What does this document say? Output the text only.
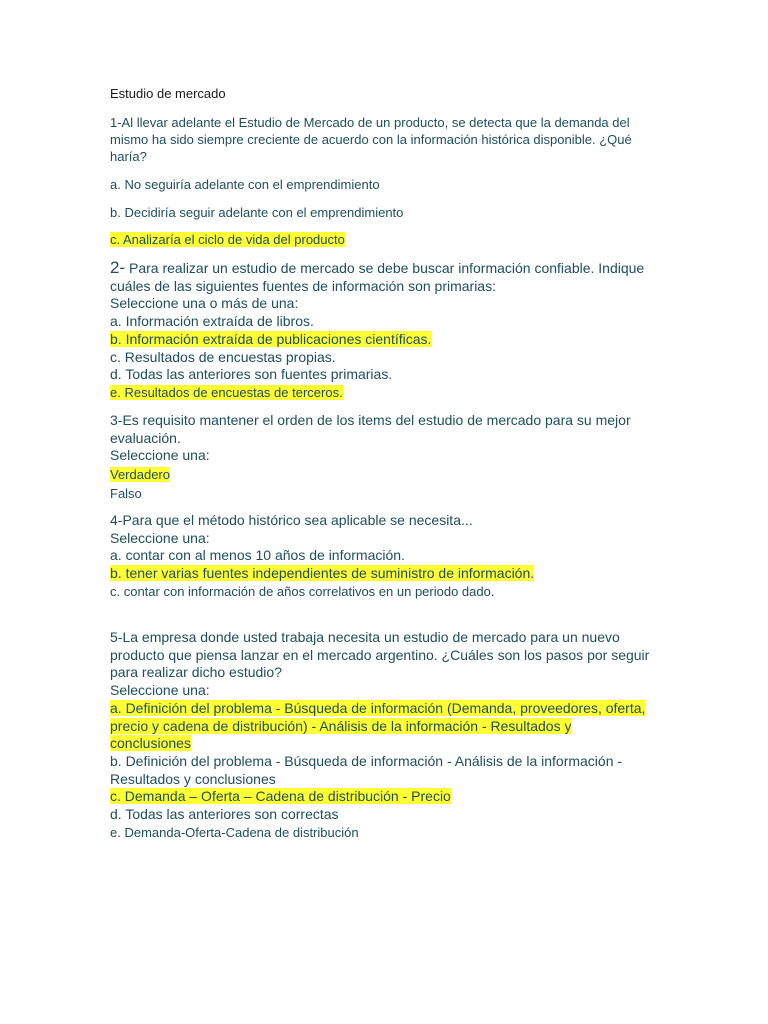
Estudio de mercado

1-Al llevar adelante el Estudio de Mercado de un producto, se detecta que la demanda del mismo ha sido siempre creciente de acuerdo con la información histórica disponible. ¿Qué haría?

a. No seguiría adelante con el emprendimiento

b. Decidiría seguir adelante con el emprendimiento

c. Analizaría el ciclo de vida del producto

2- Para realizar un estudio de mercado se debe buscar información confiable. Indique cuáles de las siguientes fuentes de información son primarias:

Seleccione una o más de una:

a. Información extraída de libros.

b. Información extraída de publicaciones científicas.

c. Resultados de encuestas propias.

d. Todas las anteriores son fuentes primarias.

e. Resultados de encuestas de terceros.

3-Es requisito mantener el orden de los items del estudio de mercado para su mejor evaluación.

Seleccione una:

Verdadero

Falso

4-Para que el método histórico sea aplicable se necesita...

Seleccione una:

a. contar con al menos 10 años de información.

b. tener varias fuentes independientes de suministro de información.

c. contar con información de años correlativos en un periodo dado.

5-La empresa donde usted trabaja necesita un estudio de mercado para un nuevo producto que piensa lanzar en el mercado argentino. ¿Cuáles son los pasos por seguir para realizar dicho estudio?

Seleccione una:

a. Definición del problema - Búsqueda de información (Demanda, proveedores, oferta, precio y cadena de distribución) - Análisis de la información - Resultados y conclusiones

b. Definición del problema - Búsqueda de información - Análisis de la información - Resultados y conclusiones

c. Demanda – Oferta – Cadena de distribución - Precio

d. Todas las anteriores son correctas

e. Demanda-Oferta-Cadena de distribución
